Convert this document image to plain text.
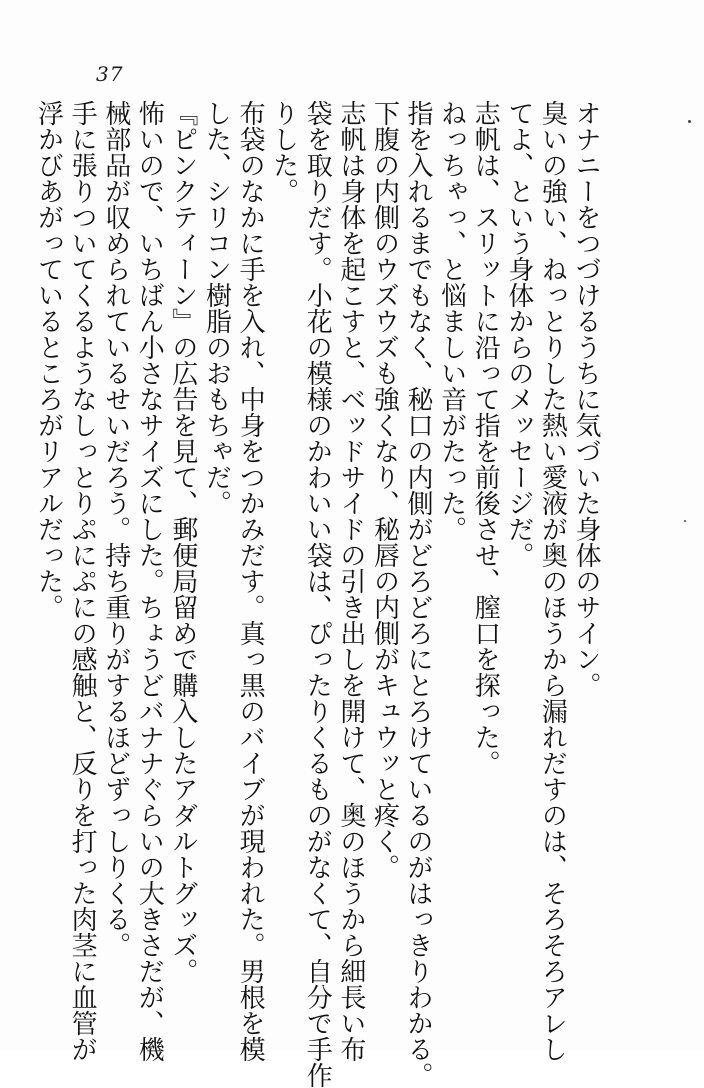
37

オナニーをつづけるうちに気づいた身体のサイン。

臭いの強い、ねっとりした熱い愛液が奥のほうから漏れだすのは、そろそろアレし

てよ、という身体からのメッセージだ。

志帆は、スリットに沿って指を前後させ、膣口を探った。

ねっちゃっ、と悩ましい音がたった。

指を入れるまでもなく、秘口の内側がどろどろにとろけているのがはっきりわかる。

下腹の内側のウズウズも強くなり、秘唇の内側がキュウッと疼く。

志帆は身体を起こすと、ベッドサイドの引き出しを開けて、奥のほうから細長い布

袋を取りだす。小花の模様のかわいい袋は、ぴったりくるものがなくて、自分で手作

りした。

布袋のなかに手を入れ、中身をつかみだす。真っ黒のバイブが現われた。男根を模

した、シリコン樹脂のおもちゃだ。

『ピンクティーン』の広告を見て、郵便局留めで購入したアダルトグッズ。

怖いので、いちばん小さなサイズにした。ちょうどバナナぐらいの大きさだが、機

械部品が収められているせいだろう。持ち重りがするほどずっしりくる。

手に張りついてくるようなしっとりぷにぷにの感触と、反りを打った肉茎に血管が

浮かびあがっているところがリアルだった。
